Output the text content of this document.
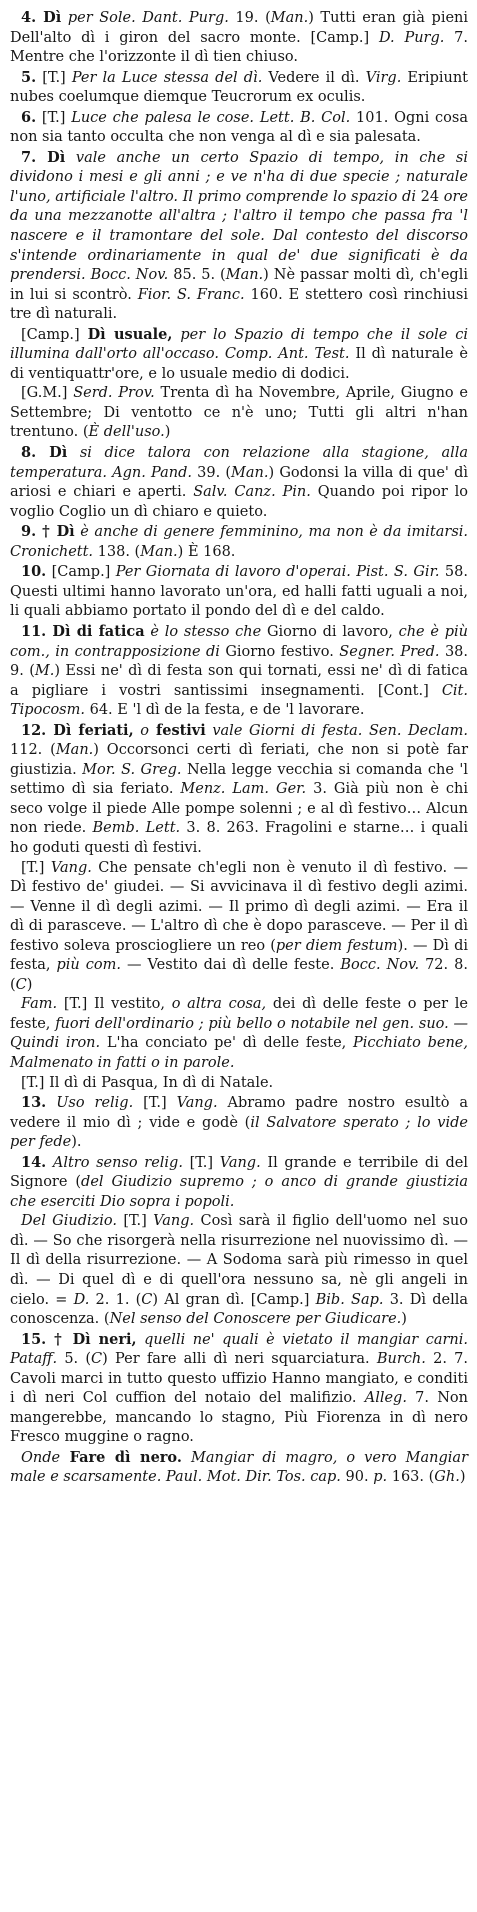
4. Dì per Sole. Dant. Purg. 19. (Man.) Tutti eran già pieni Dell'alto dì i giron del sacro monte. [Camp.] D. Purg. 7. Mentre che l'orizzonte il dì tien chiuso.

5. [T.] Per la Luce stessa del dì. Vedere il dì. Virg. Eripiunt nubes coelumque diemque Teucrorum ex oculis.

6. [T.] Luce che palesa le cose. Lett. B. Col. 101. Ogni cosa non sia tanto occulta che non venga al dì e sia palesata.

7. Dì vale anche un certo Spazio di tempo, in che si dividono i mesi e gli anni ; e ve n'ha di due specie ; naturale l'uno, artificiale l'altro. Il primo comprende lo spazio di 24 ore da una mezzanotte all'altra ; l'altro il tempo che passa fra 'l nascere e il tramontare del sole. Dal contesto del discorso s'intende ordinariamente in qual de' due significati è da prendersi. Bocc. Nov. 85. 5. (Man.) Nè passar molti dì, ch'egli in lui si scontrò. Fior. S. Franc. 160. E stettero così rinchiusi tre dì naturali.

[Camp.] Dì usuale, per lo Spazio di tempo che il sole ci illumina dall'orto all'occaso. Comp. Ant. Test. Il dì naturale è di ventiquattr'ore, e lo usuale medio di dodici.

[G.M.] Serd. Prov. Trenta dì ha Novembre, Aprile, Giugno e Settembre; Di ventotto ce n'è uno; Tutti gli altri n'han trentuno. (È dell'uso.)

8. Dì si dice talora con relazione alla stagione, alla temperatura. Agn. Pand. 39. (Man.) Godonsi la villa di que' dì ariosi e chiari e aperti. Salv. Canz. Pin. Quando poi ripor lo voglio Coglio un dì chiaro e quieto.

9. † Dì è anche di genere femminino, ma non è da imitarsi. Cronichett. 138. (Man.) È 168.

10. [Camp.] Per Giornata di lavoro d'operai. Pist. S. Gir. 58. Questi ultimi hanno lavorato un'ora, ed halli fatti uguali a noi, li quali abbiamo portato il pondo del dì e del caldo.

11. Dì di fatica è lo stesso che Giorno di lavoro, che è più com., in contrapposizione di Giorno festivo. Segner. Pred. 38. 9. (M.) Essi ne' dì di festa son qui tornati, essi ne' dì di fatica a pigliare i vostri santissimi insegnamenti. [Cont.] Cit. Tipocosm. 64. E 'l dì de la festa, e de 'l lavorare.

12. Dì feriati, o festivi vale Giorni di festa. Sen. Declam. 112. (Man.) Occorsonci certi dì feriati, che non si potè far giustizia. Mor. S. Greg. Nella legge vecchia si comanda che 'l settimo dì sia feriato. Menz. Lam. Ger. 3. Già più non è chi seco volge il piede Alle pompe solenni ; e al dì festivo… Alcun non riede. Bemb. Lett. 3. 8. 263. Fragolini e starne… i quali ho goduti questi dì festivi.

[T.] Vang. Che pensate ch'egli non è venuto il dì festivo. — Dì festivo de' giudei. — Si avvicinava il dì festivo degli azimi. — Venne il dì degli azimi. — Il primo dì degli azimi. — Era il dì di parasceve. — L'altro dì che è dopo parasceve. — Per il dì festivo soleva prosciogliere un reo (per diem festum). — Dì di festa, più com. — Vestito dai dì delle feste. Bocc. Nov. 72. 8. (C)

Fam. [T.] Il vestito, o altra cosa, dei dì delle feste o per le feste, fuori dell'ordinario ; più bello o notabile nel gen. suo. — Quindi iron. L'ha conciato pe' dì delle feste, Picchiato bene, Malmenato in fatti o in parole.

[T.] Il dì di Pasqua, In dì di Natale.

13. Uso relig. [T.] Vang. Abramo padre nostro esultò a vedere il mio dì ; vide e godè (il Salvatore sperato ; lo vide per fede).

14. Altro senso relig. [T.] Vang. Il grande e terribile di del Signore (del Giudizio supremo ; o anco di grande giustizia che eserciti Dio sopra i popoli.

Del Giudizio. [T.] Vang. Così sarà il figlio dell'uomo nel suo dì. — So che risorgerà nella risurrezione nel nuovissimo dì. — Il dì della risurrezione. — A Sodoma sarà più rimesso in quel dì. — Di quel dì e di quell'ora nessuno sa, nè gli angeli in cielo. = D. 2. 1. (C) Al gran dì. [Camp.] Bib. Sap. 3. Dì della conoscenza. (Nel senso del Conoscere per Giudicare.)

15. † Dì neri, quelli ne' quali è vietato il mangiar carni. Pataff. 5. (C) Per fare alli dì neri squarciatura. Burch. 2. 7. Cavoli marci in tutto questo uffizio Hanno mangiato, e conditi i dì neri Col cuffion del notaio del malifizio. Alleg. 7. Non mangerebbe, mancando lo stagno, Più Fiorenza in dì nero Fresco muggine o ragno.

Onde Fare dì nero. Mangiar di magro, o vero Mangiar male e scarsamente. Paul. Mot. Dir. Tos. cap. 90. p. 163. (Gh.)
